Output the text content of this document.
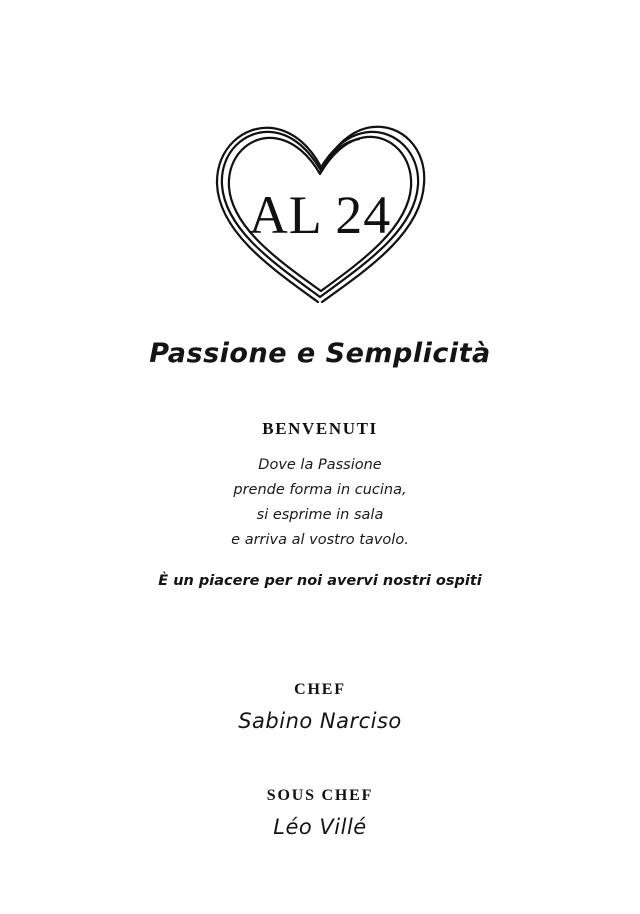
AL 24
Passione e Semplicità
BENVENUTI
Dove la Passione
prende forma in cucina,
si esprime in sala
e arriva al vostro tavolo.
È un piacere per noi avervi nostri ospiti
CHEF
Sabino Narciso
SOUS CHEF
Léo Villé
